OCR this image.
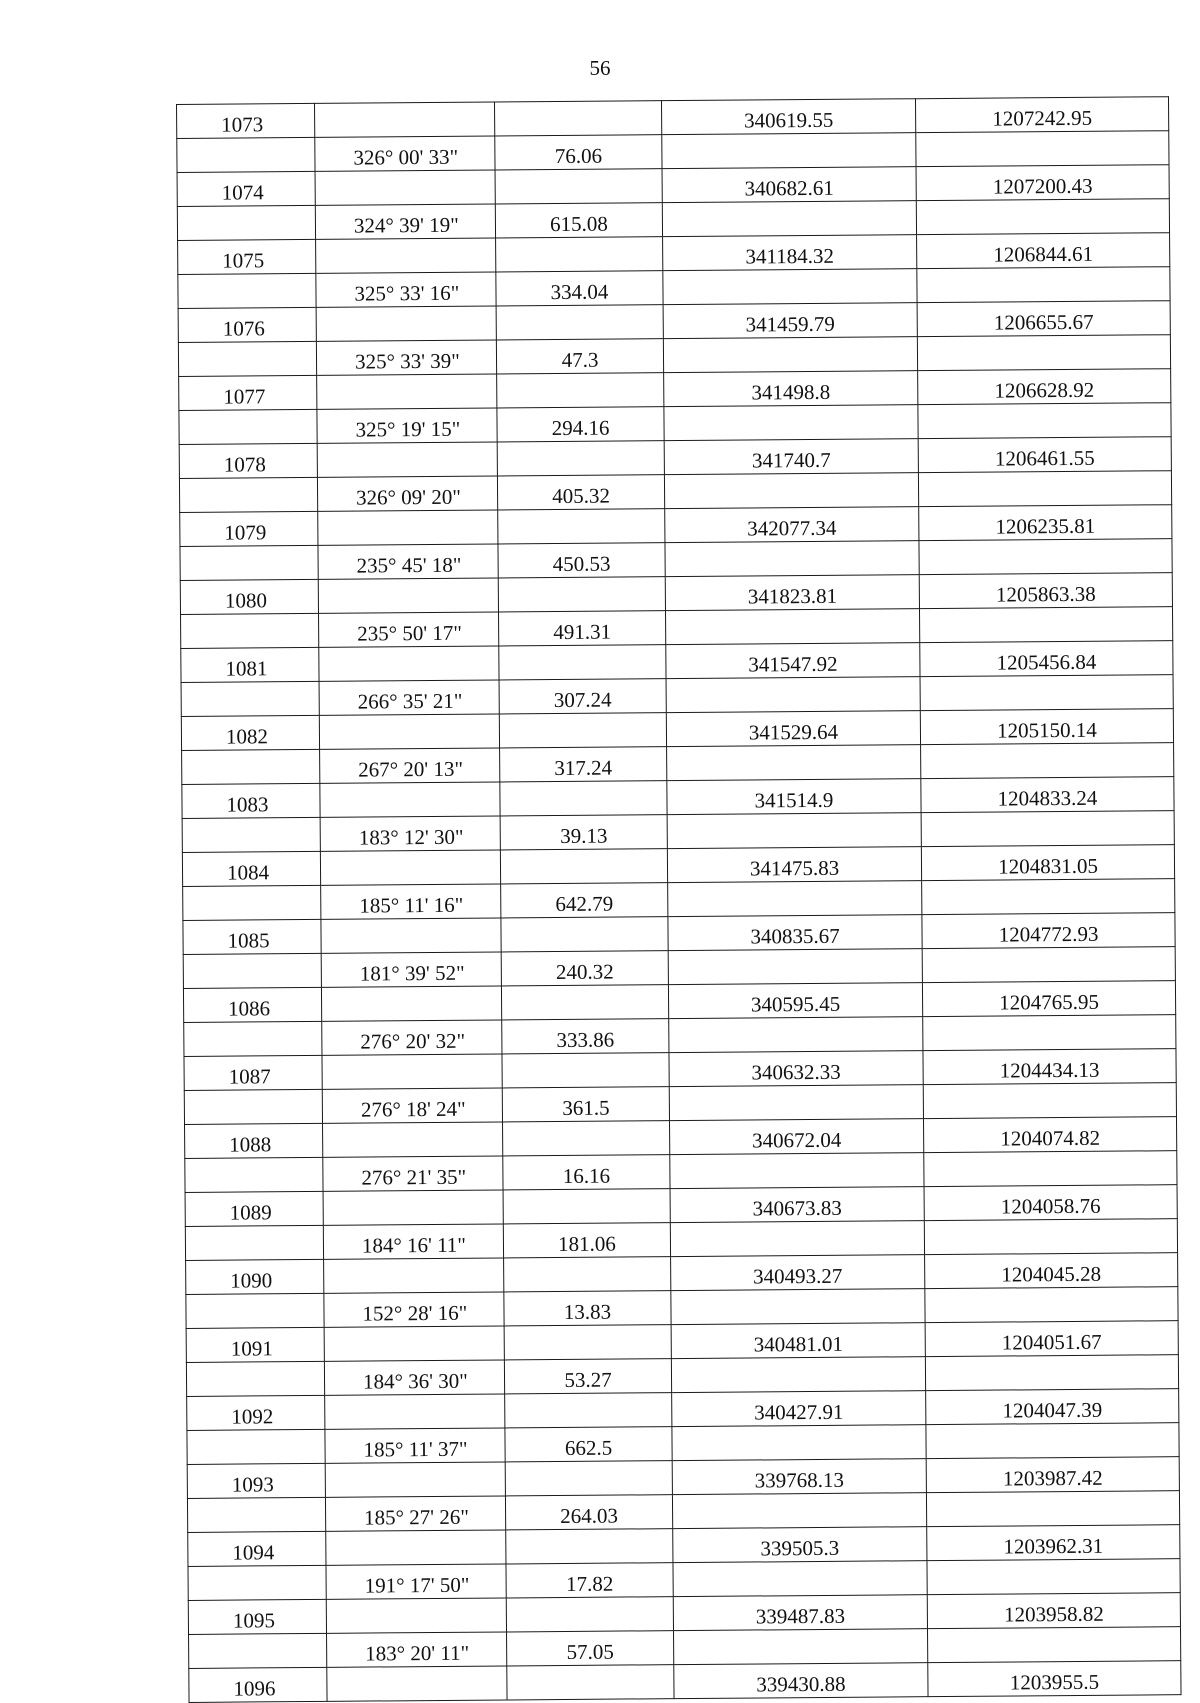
56
1073			340619.55	1207242.95
	326° 00' 33"	76.06		
1074			340682.61	1207200.43
	324° 39' 19"	615.08		
1075			341184.32	1206844.61
	325° 33' 16"	334.04		
1076			341459.79	1206655.67
	325° 33' 39"	47.3		
1077			341498.8	1206628.92
	325° 19' 15"	294.16		
1078			341740.7	1206461.55
	326° 09' 20"	405.32		
1079			342077.34	1206235.81
	235° 45' 18"	450.53		
1080			341823.81	1205863.38
	235° 50' 17"	491.31		
1081			341547.92	1205456.84
	266° 35' 21"	307.24		
1082			341529.64	1205150.14
	267° 20' 13"	317.24		
1083			341514.9	1204833.24
	183° 12' 30"	39.13		
1084			341475.83	1204831.05
	185° 11' 16"	642.79		
1085			340835.67	1204772.93
	181° 39' 52"	240.32		
1086			340595.45	1204765.95
	276° 20' 32"	333.86		
1087			340632.33	1204434.13
	276° 18' 24"	361.5		
1088			340672.04	1204074.82
	276° 21' 35"	16.16		
1089			340673.83	1204058.76
	184° 16' 11"	181.06		
1090			340493.27	1204045.28
	152° 28' 16"	13.83		
1091			340481.01	1204051.67
	184° 36' 30"	53.27		
1092			340427.91	1204047.39
	185° 11' 37"	662.5		
1093			339768.13	1203987.42
	185° 27' 26"	264.03		
1094			339505.3	1203962.31
	191° 17' 50"	17.82		
1095			339487.83	1203958.82
	183° 20' 11"	57.05		
1096			339430.88	1203955.5
